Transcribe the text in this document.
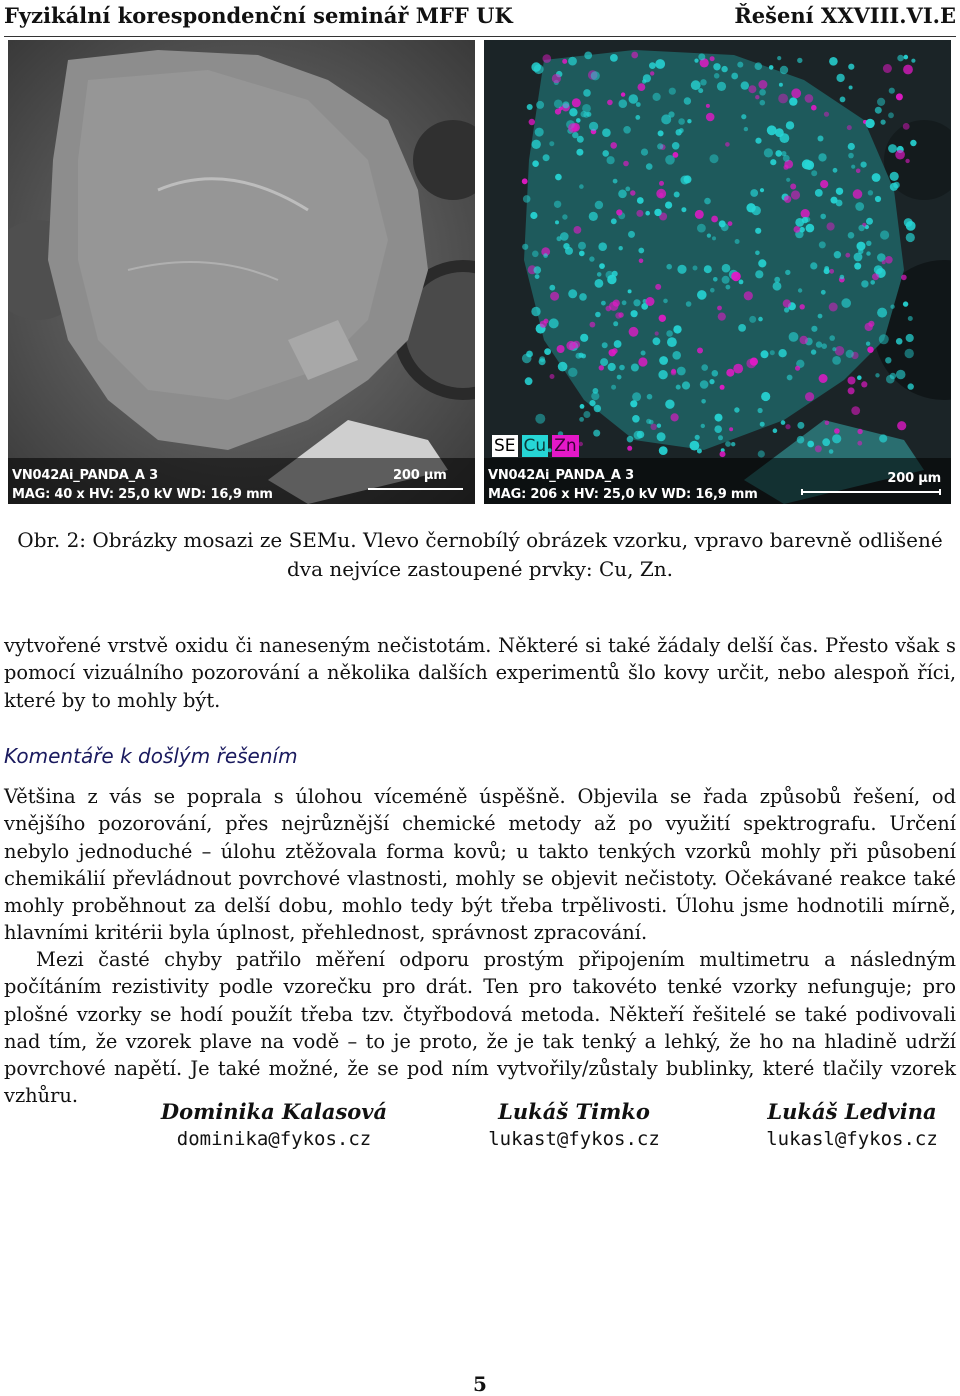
Fyzikální korespondenční seminář MFF UK	Řešení XXVIII.VI.E
VN042Ai_PANDA_A 3
MAG: 40 x HV: 25,0 kV WD: 16,9 mm
200 µm
SE Cu Zn
VN042Ai_PANDA_A 3
MAG: 206 x HV: 25,0 kV WD: 16,9 mm
200 µm
Obr. 2: Obrázky mosazi ze SEMu. Vlevo černobílý obrázek vzorku, vpravo barevně odlišené
dva nejvíce zastoupené prvky: Cu, Zn.
vytvořené vrstvě oxidu či naneseným nečistotám. Některé si také žádaly delší čas. Přesto však s pomocí vizuálního pozorování a několika dalších experimentů šlo kovy určit, nebo alespoň říci, které by to mohly být.
Komentáře k došlým řešením
Většina z vás se poprala s úlohou víceméně úspěšně. Objevila se řada způsobů řešení, od vnějšího pozorování, přes nejrůznější chemické metody až po využití spektrografu. Určení nebylo jednoduché – úlohu ztěžovala forma kovů; u takto tenkých vzorků mohly při působení chemikálií převládnout povrchové vlastnosti, mohly se objevit nečistoty. Očekávané reakce také mohly proběhnout za delší dobu, mohlo tedy být třeba trpělivosti. Úlohu jsme hodnotili mírně, hlavními kritérii byla úplnost, přehlednost, správnost zpracování.
Mezi časté chyby patřilo měření odporu prostým připojením multimetru a následným počítáním rezistivity podle vzorečku pro drát. Ten pro takovéto tenké vzorky nefunguje; pro plošné vzorky se hodí použít třeba tzv. čtyřbodová metoda. Někteří řešitelé se také podivovali nad tím, že vzorek plave na vodě – to je proto, že je tak tenký a lehký, že ho na hladině udrží povrchové napětí. Je také možné, že se pod ním vytvořily/zůstaly bublinky, které tlačily vzorek vzhůru.
Dominika Kalasová
dominika@fykos.cz
Lukáš Timko
lukast@fykos.cz
Lukáš Ledvina
lukasl@fykos.cz
5
